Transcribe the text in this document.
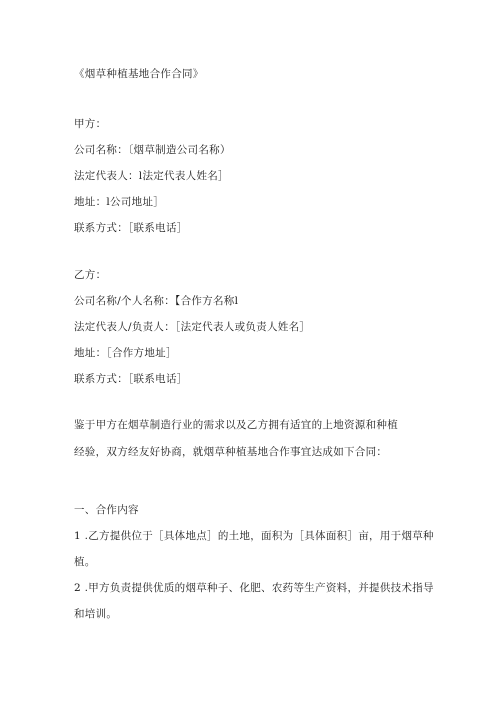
《烟草种植基地合作合同》
甲方：
公司名称：〔烟草制造公司名称）
法定代表人：l法定代表人姓名］
地址：l公司地址］
联系方式：［联系电话］
乙方：
公司名称/个人名称：【合作方名称l
法定代表人/负责人：［法定代表人或负责人姓名］
地址：［合作方地址］
联系方式：［联系电话］
鉴于甲方在烟草制造行业的需求以及乙方拥有适宜的上地资源和种植
经验，双方经友好协商，就烟草种植基地合作事宜达成如下合同：
一、合作内容
1 .乙方提供位于［具体地点］的土地，面积为［具体面积］亩，用于烟草种
植。
2 .甲方负责提供优质的烟草种子、化肥、农药等生产资料，并提供技术指导
和培训。
